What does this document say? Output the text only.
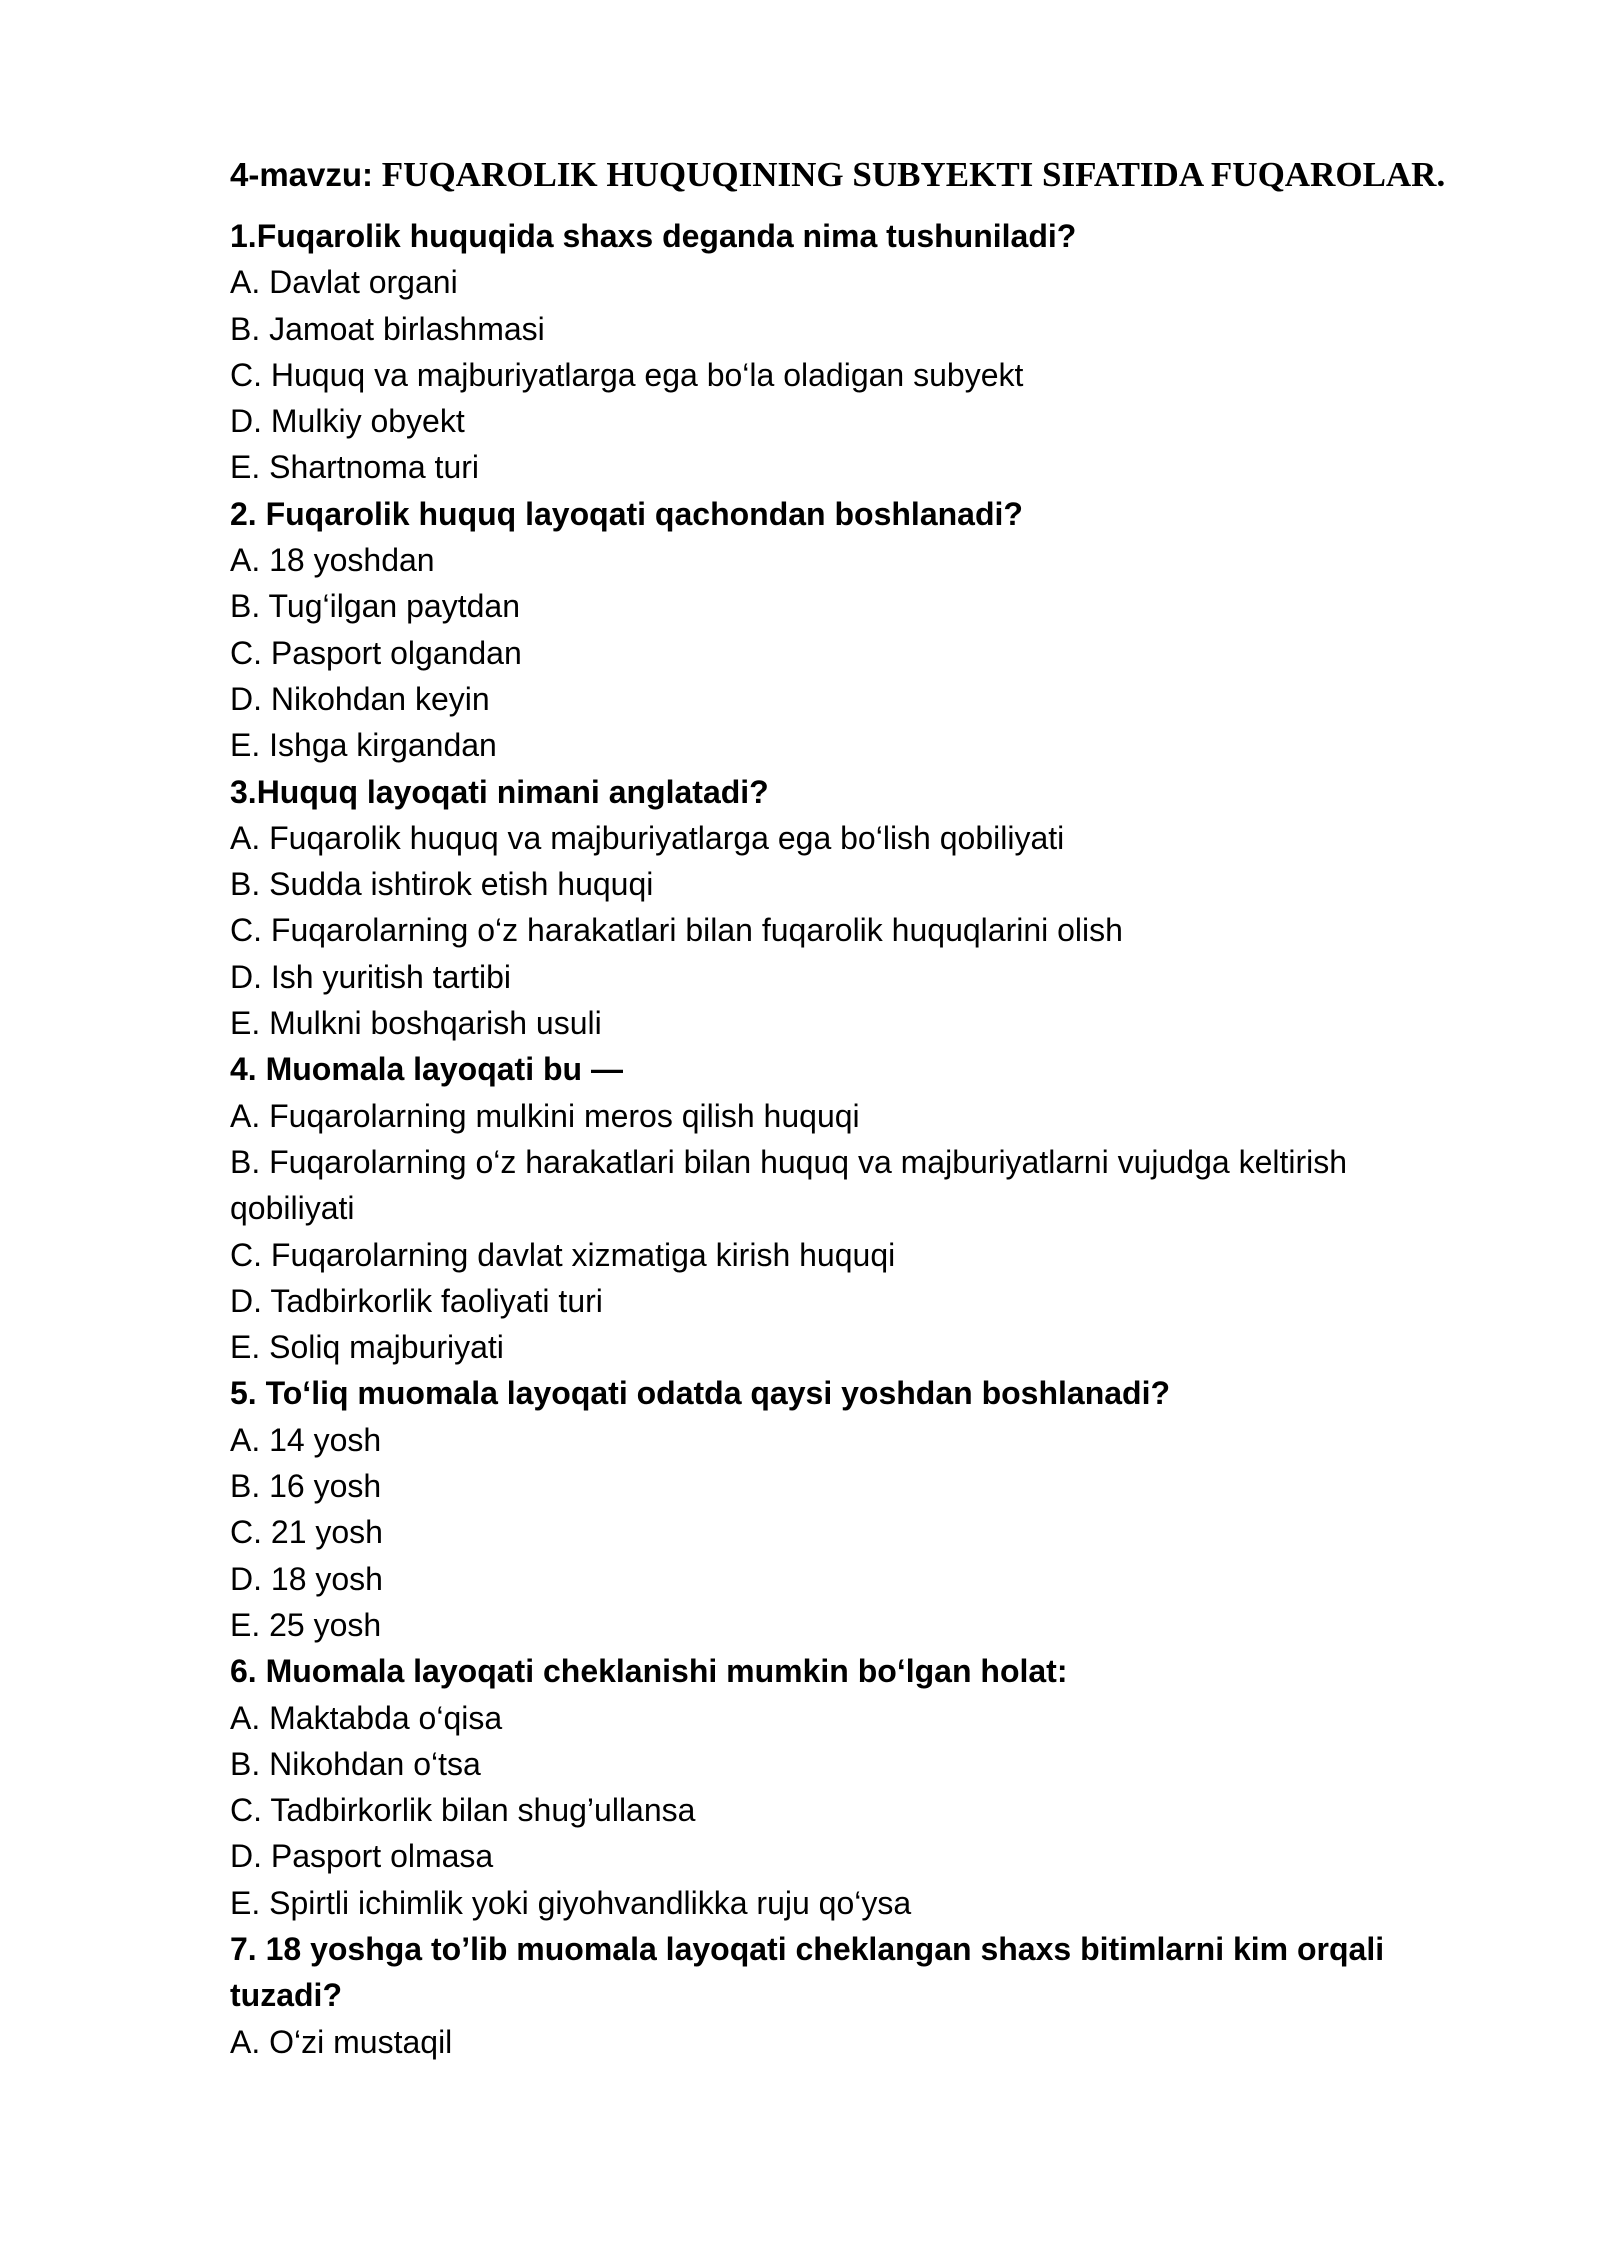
4-mavzu: FUQAROLIK HUQUQINING SUBYEKTI SIFATIDA FUQAROLAR.

1.Fuqarolik huquqida shaxs deganda nima tushuniladi?

A. Davlat organi

B. Jamoat birlashmasi

C. Huquq va majburiyatlarga ega bo‘la oladigan subyekt

D. Mulkiy obyekt

E. Shartnoma turi

2. Fuqarolik huquq layoqati qachondan boshlanadi?

A. 18 yoshdan

B. Tug‘ilgan paytdan

C. Pasport olgandan

D. Nikohdan keyin

E. Ishga kirgandan

3.Huquq layoqati nimani anglatadi?

A. Fuqarolik huquq va majburiyatlarga ega bo‘lish qobiliyati

B. Sudda ishtirok etish huquqi

C. Fuqarolarning o‘z harakatlari bilan fuqarolik huquqlarini olish

D. Ish yuritish tartibi

E. Mulkni boshqarish usuli

4. Muomala layoqati bu —

A. Fuqarolarning mulkini meros qilish huquqi

B. Fuqarolarning o‘z harakatlari bilan huquq va majburiyatlarni vujudga keltirish qobiliyati

C. Fuqarolarning davlat xizmatiga kirish huquqi

D. Tadbirkorlik faoliyati turi

E. Soliq majburiyati

5. To‘liq muomala layoqati odatda qaysi yoshdan boshlanadi?

A. 14 yosh

B. 16 yosh

C. 21 yosh

D. 18 yosh

E. 25 yosh

6. Muomala layoqati cheklanishi mumkin bo‘lgan holat:

A. Maktabda o‘qisa

B. Nikohdan o‘tsa

C. Tadbirkorlik bilan shug’ullansa

D. Pasport olmasa

E. Spirtli ichimlik yoki giyohvandlikka ruju qo‘ysa

7. 18 yoshga to’lib muomala layoqati cheklangan shaxs bitimlarni kim orqali tuzadi?

A. O‘zi mustaqil
